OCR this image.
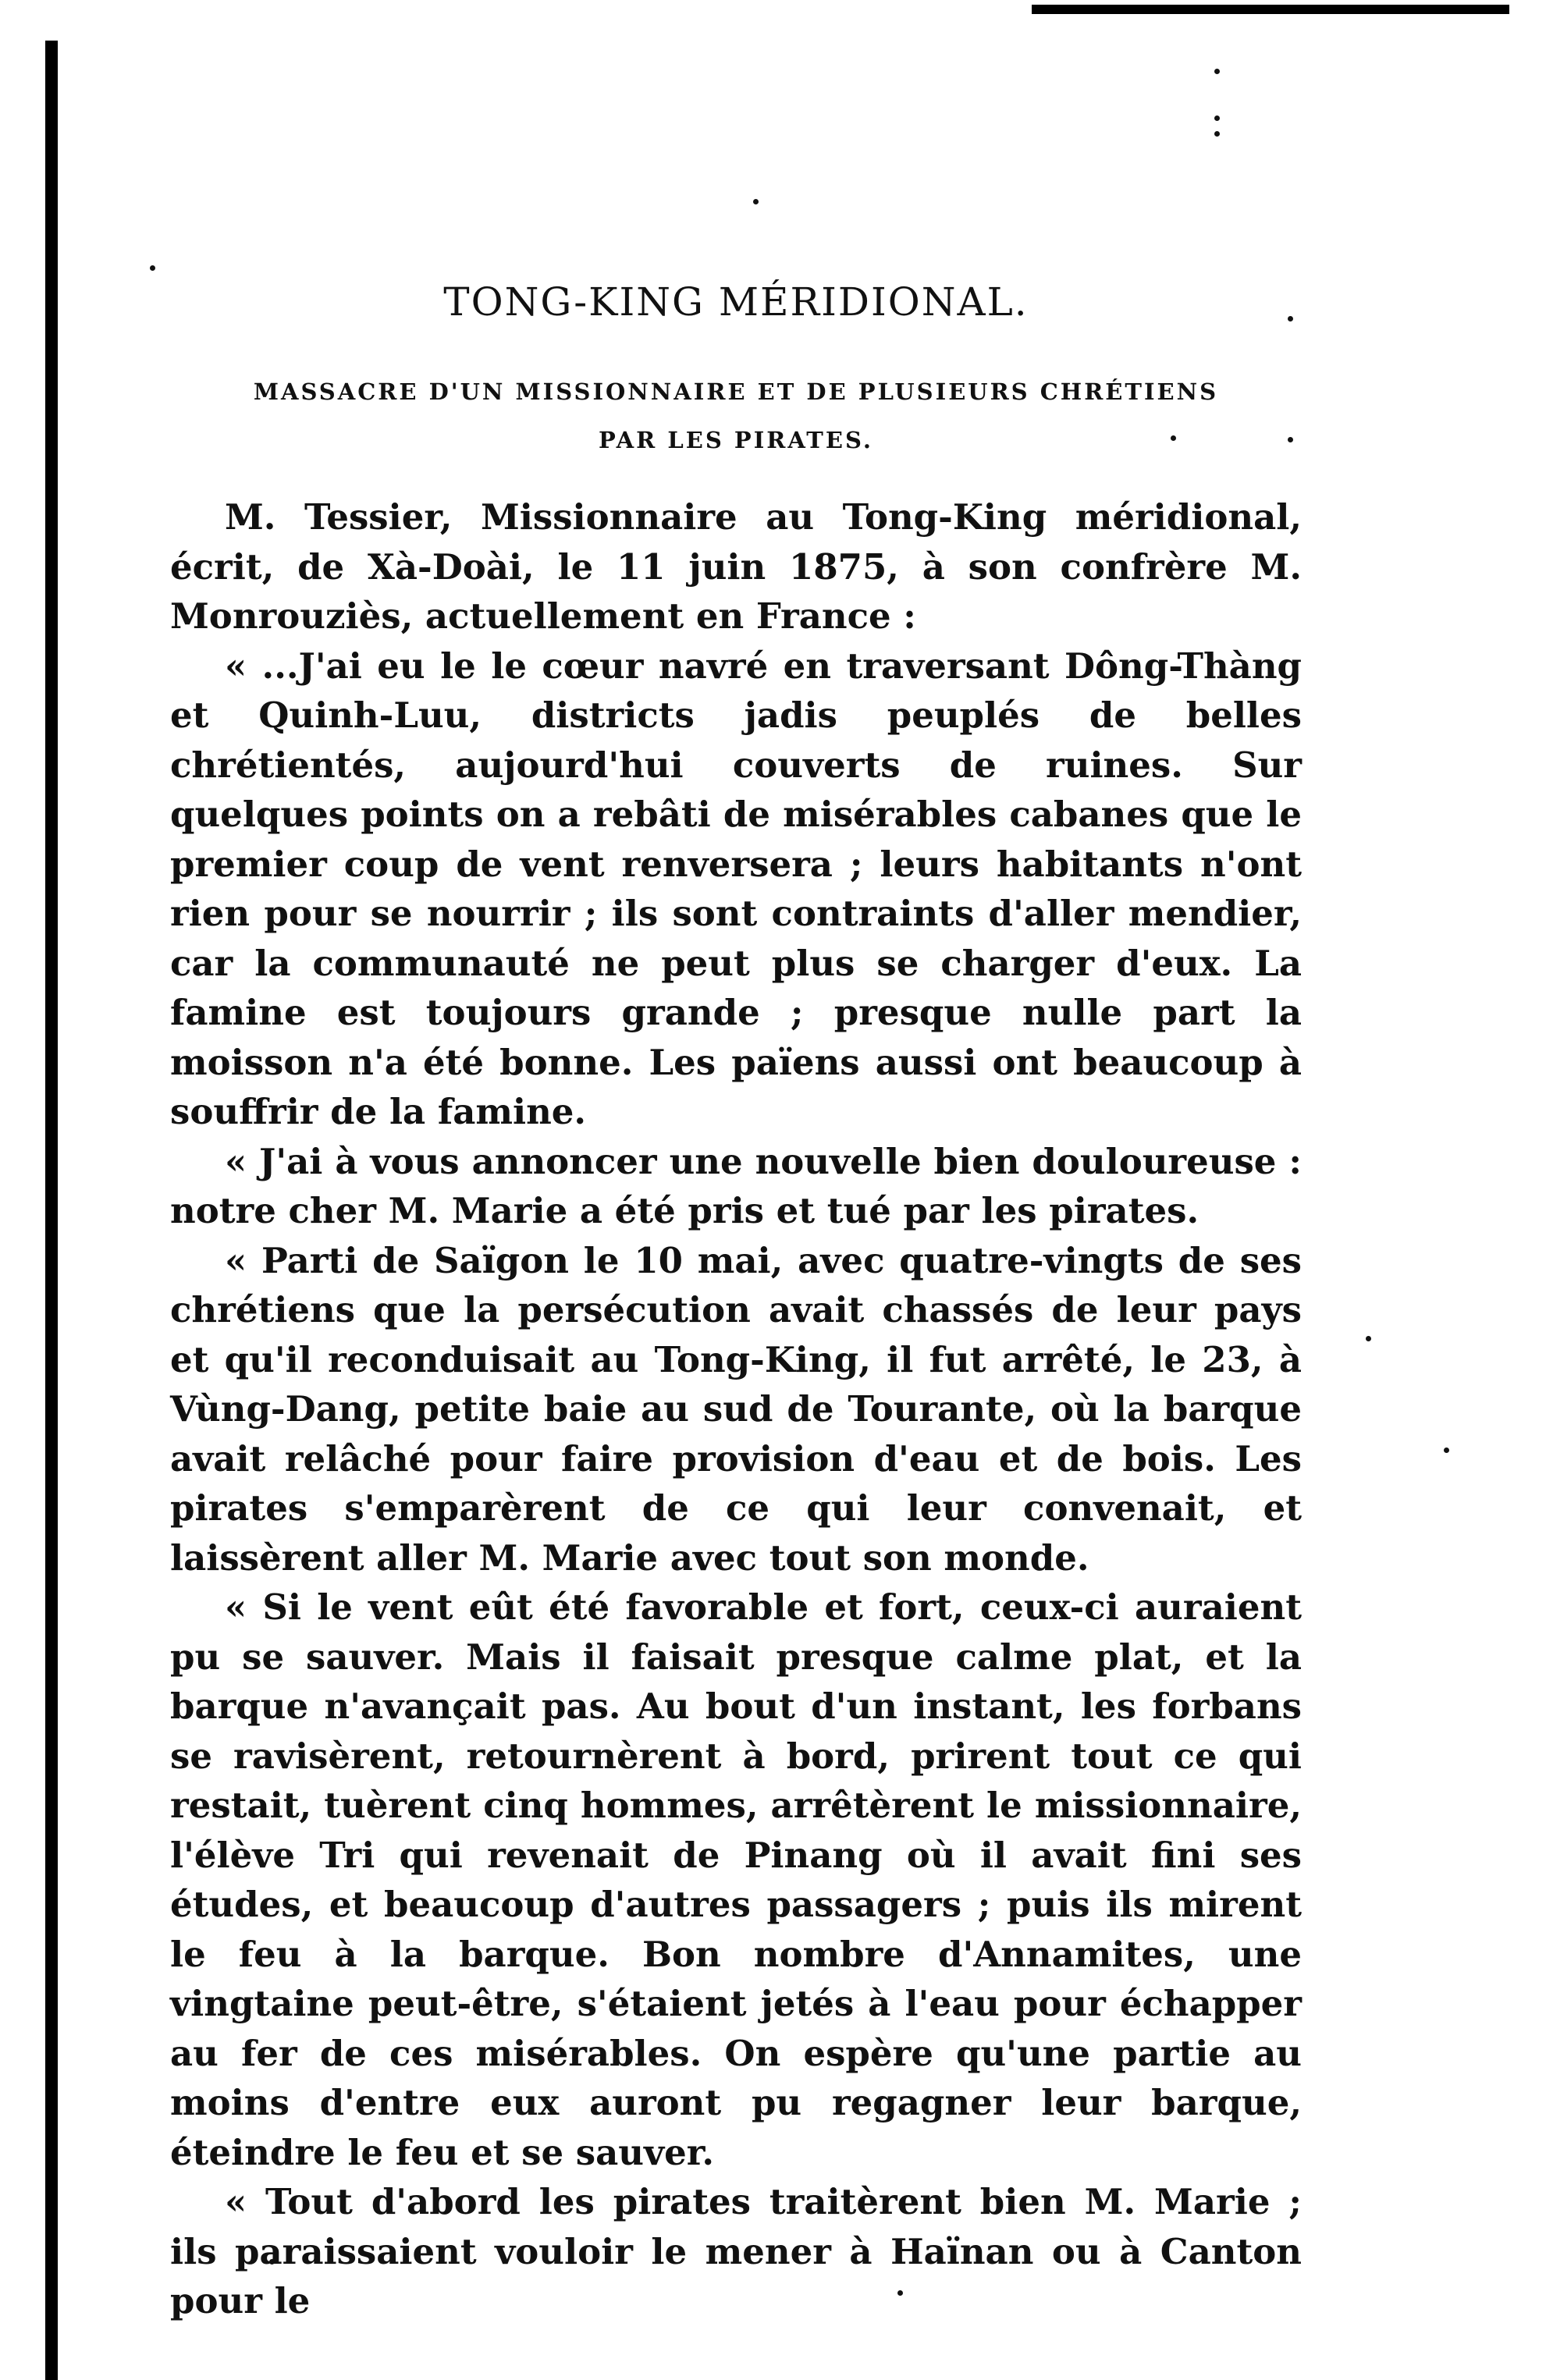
TONG-KING MÉRIDIONAL.
MASSACRE D'UN MISSIONNAIRE ET DE PLUSIEURS CHRÉTIENS
PAR LES PIRATES.

M. Tessier, Missionnaire au Tong-King méridional, écrit, de Xà-Doài, le 11 juin 1875, à son confrère M. Monrouziès, actuellement en France :

« ...J'ai eu le le cœur navré en traversant Dông-Thàng et Quinh-Luu, districts jadis peuplés de belles chrétientés, aujourd'hui couverts de ruines. Sur quelques points on a rebâti de misérables cabanes que le premier coup de vent renversera ; leurs habitants n'ont rien pour se nourrir ; ils sont contraints d'aller mendier, car la communauté ne peut plus se charger d'eux. La famine est toujours grande ; presque nulle part la moisson n'a été bonne. Les païens aussi ont beaucoup à souffrir de la famine.

« J'ai à vous annoncer une nouvelle bien douloureuse : notre cher M. Marie a été pris et tué par les pirates.

« Parti de Saïgon le 10 mai, avec quatre-vingts de ses chrétiens que la persécution avait chassés de leur pays et qu'il reconduisait au Tong-King, il fut arrêté, le 23, à Vùng-Dang, petite baie au sud de Tourante, où la barque avait relâché pour faire provision d'eau et de bois. Les pirates s'emparèrent de ce qui leur convenait, et laissèrent aller M. Marie avec tout son monde.

« Si le vent eût été favorable et fort, ceux-ci auraient pu se sauver. Mais il faisait presque calme plat, et la barque n'avançait pas. Au bout d'un instant, les forbans se ravisèrent, retournèrent à bord, prirent tout ce qui restait, tuèrent cinq hommes, arrêtèrent le missionnaire, l'élève Tri qui revenait de Pinang où il avait fini ses études, et beaucoup d'autres passagers ; puis ils mirent le feu à la barque. Bon nombre d'Annamites, une vingtaine peut-être, s'étaient jetés à l'eau pour échapper au fer de ces misérables. On espère qu'une partie au moins d'entre eux auront pu regagner leur barque, éteindre le feu et se sauver.

« Tout d'abord les pirates traitèrent bien M. Marie ; ils paraissaient vouloir le mener à Haïnan ou à Canton pour le
